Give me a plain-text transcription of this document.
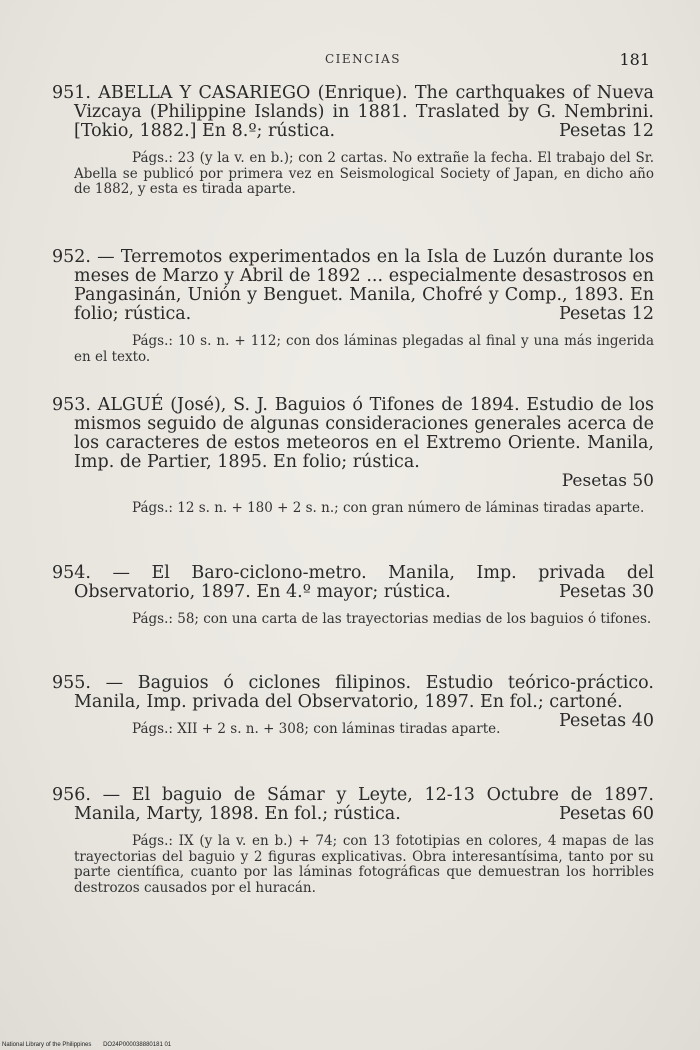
CIENCIAS	181
951. ABELLA Y CASARIEGO (Enrique). The carthquakes of Nueva Vizcaya (Philippine Islands) in 1881. Traslated by G. Nembrini. [Tokio, 1882.] En 8.º; rústica.	Pesetas 12
Págs.: 23 (y la v. en b.); con 2 cartas. No extrañe la fecha. El trabajo del Sr. Abella se publicó por primera vez en Seismological Society of Japan, en dicho año de 1882, y esta es tirada aparte.
952. — Terremotos experimentados en la Isla de Luzón durante los meses de Marzo y Abril de 1892 ... especialmente desastrosos en Pangasinán, Unión y Benguet. Manila, Chofré y Comp., 1893. En folio; rústica.	Pesetas 12
Págs.: 10 s. n. + 112; con dos láminas plegadas al final y una más ingerida en el texto.
953. ALGUÉ (José), S. J. Baguios ó Tifones de 1894. Estudio de los mismos seguido de algunas consideraciones generales acerca de los caracteres de estos meteoros en el Extremo Oriente. Manila, Imp. de Partier, 1895. En folio; rústica.
Pesetas 50
Págs.: 12 s. n. + 180 + 2 s. n.; con gran número de láminas tiradas aparte.
954. — El Baro-ciclono-metro. Manila, Imp. privada del Observatorio, 1897. En 4.º mayor; rústica.	Pesetas 30
Págs.: 58; con una carta de las trayectorias medias de los baguios ó tifones.
955. — Baguios ó ciclones filipinos. Estudio teórico-práctico. Manila, Imp. privada del Observatorio, 1897. En fol.; cartoné.
Pesetas 40
Págs.: XII + 2 s. n. + 308; con láminas tiradas aparte.
956. — El baguio de Sámar y Leyte, 12-13 Octubre de 1897. Manila, Marty, 1898. En fol.; rústica.	Pesetas 60
Págs.: IX (y la v. en b.) + 74; con 13 fototipias en colores, 4 mapas de las trayectorias del baguio y 2 figuras explicativas. Obra interesantísima, tanto por su parte científica, cuanto por las láminas fotográficas que demuestran los horribles destrozos causados por el huracán.
National Library of the Philippines DO24P000038880181 01
